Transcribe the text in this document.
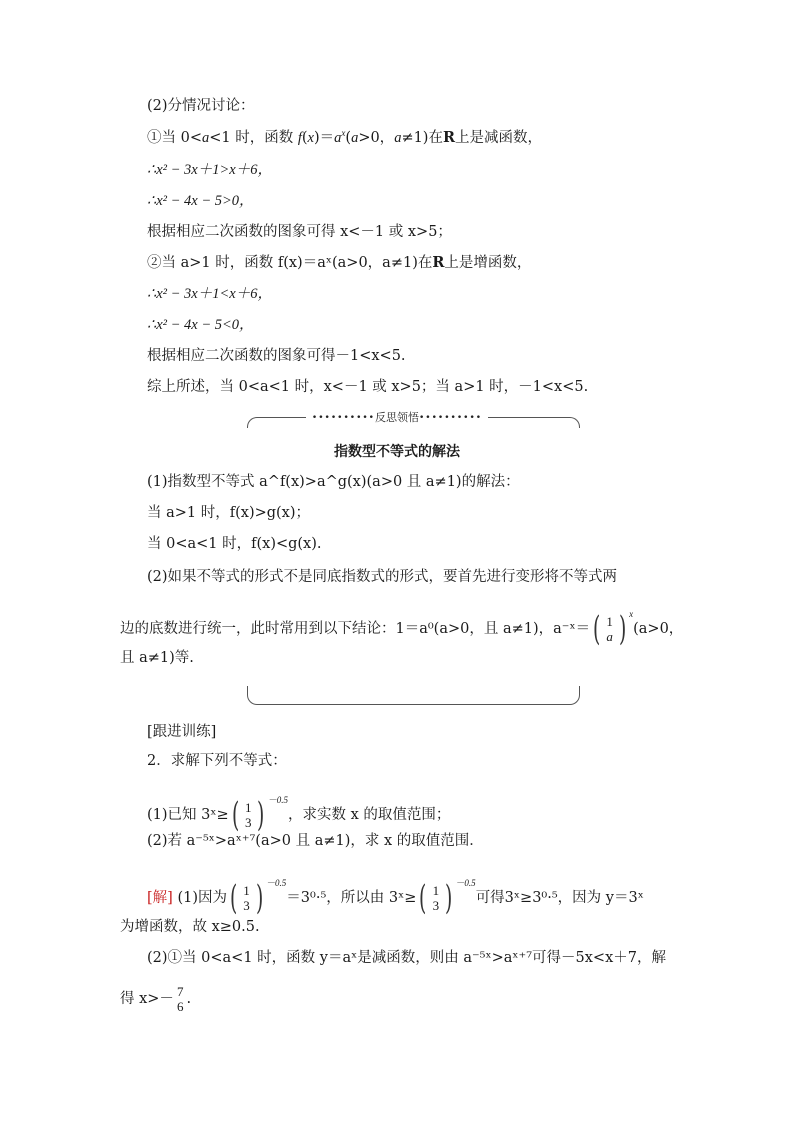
(2)分情况讨论：
①当 0<a<1 时，函数 $f(x)=a^x(a>0$，a≠1)在R上是减函数，
∴x² − 3x＋1>x＋6，
∴x² − 4x − 5>0，
根据相应二次函数的图象可得 x<－1 或 x>5；
②当 a>1 时，函数 f(x)＝aˣ(a>0，a≠1)在R上是增函数，
∴x² − 3x＋1<x＋6，
∴x² − 4x − 5<0，
根据相应二次函数的图象可得－1<x<5.
综上所述，当 0<a<1 时，x<－1 或 x>5；当 a>1 时，－1<x<5.
••••••••••反思领悟••••••••••
指数型不等式的解法
(1)指数型不等式 a^f(x)>a^g(x)(a>0 且 a≠1)的解法：
当 a>1 时，f(x)>g(x)；
当 0<a<1 时，f(x)<g(x).
(2)如果不等式的形式不是同底指数式的形式，要首先进行变形将不等式两
边的底数进行统一，此时常用到以下结论：1＝a⁰(a>0，且 a≠1)，a⁻ˣ＝( 1
a ) $^x$(a>0，
且 a≠1)等.
[跟进训练]
2．求解下列不等式：
(1)已知 3ˣ≥( 1
3 ) $^{-0.5}$，求实数 x 的取值范围；
(2)若 a⁻⁵ˣ>aˣ⁺⁷(a>0 且 a≠1)，求 x 的取值范围．
[解] (1)因为( 1
3 ) $^{-0.5}$＝3⁰·⁵，所以由 3ˣ≥( 1
3 ) $^{-0.5}$可得3ˣ≥3⁰·⁵，因为 y＝3ˣ
为增函数，故 x≥0.5.
(2)①当 0<a<1 时，函数 y＝aˣ是减函数，则由 a⁻⁵ˣ>aˣ⁺⁷可得－5x<x＋7，解
得 x>－ 7
6 .
